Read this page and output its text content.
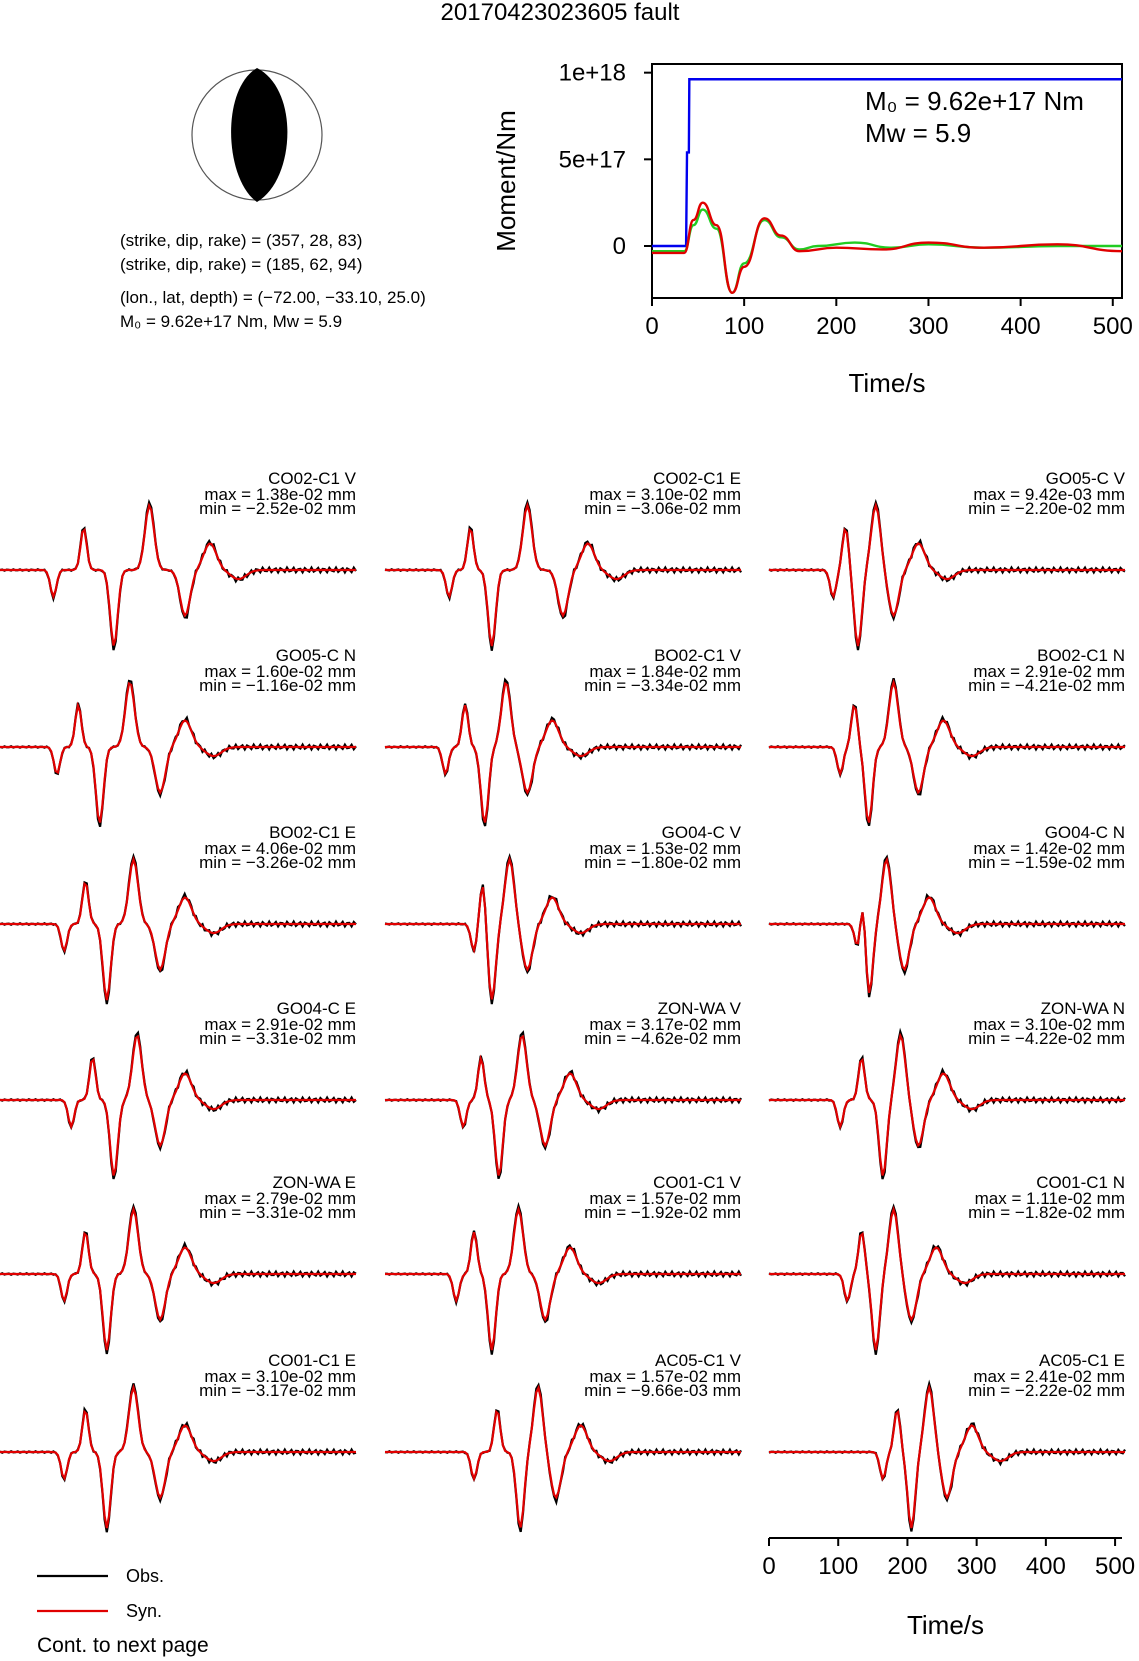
20170423023605 fault
(strike, dip, rake) = (357, 28, 83)
(strike, dip, rake) = (185, 62, 94)
(lon., lat, depth) = (−72.00, −33.10, 25.0)
M₀ = 9.62e+17 Nm, Mw = 5.9	0	100 200 300 400 500
0
5e+17
1e+18
Time/s
Moment/Nm
M₀ = 9.62e+17 Nm
Mw = 5.9
CO02-C1 V
max = 1.38e-02 mm
min = −2.52e-02 mm
CO02-C1 E
max = 3.10e-02 mm
min = −3.06e-02 mm
GO05-C V
max = 9.42e-03 mm
min = −2.20e-02 mm
GO05-C N
max = 1.60e-02 mm
min = −1.16e-02 mm
BO02-C1 V
max = 1.84e-02 mm
min = −3.34e-02 mm
BO02-C1 N
max = 2.91e-02 mm
min = −4.21e-02 mm
BO02-C1 E
max = 4.06e-02 mm
min = −3.26e-02 mm
GO04-C V
max = 1.53e-02 mm
min = −1.80e-02 mm
GO04-C N
max = 1.42e-02 mm
min = −1.59e-02 mm
GO04-C E
max = 2.91e-02 mm
min = −3.31e-02 mm
ZON-WA V
max = 3.17e-02 mm
min = −4.62e-02 mm
ZON-WA N
max = 3.10e-02 mm
min = −4.22e-02 mm
ZON-WA E
max = 2.79e-02 mm
min = −3.31e-02 mm
CO01-C1 V
max = 1.57e-02 mm
min = −1.92e-02 mm
CO01-C1 N
max = 1.11e-02 mm
min = −1.82e-02 mm
CO01-C1 E
max = 3.10e-02 mm
min = −3.17e-02 mm
AC05-C1 V
max = 1.57e-02 mm
min = −9.66e-03 mm
AC05-C1 E
max = 2.41e-02 mm
min = −2.22e-02 mm
0 100 200 300 400 500
Time/s
Obs.
Syn.
Cont. to next page
